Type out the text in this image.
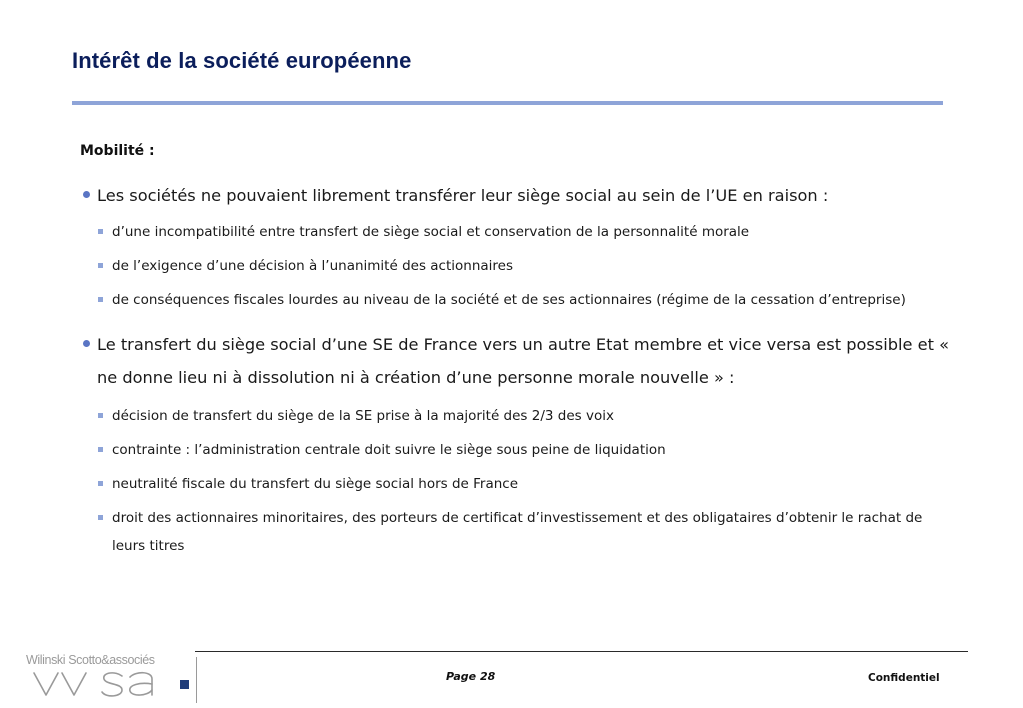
Intérêt de la société européenne
Mobilité :
Les sociétés ne pouvaient librement transférer leur siège social au sein de l’UE en raison :
d’une incompatibilité entre transfert de siège social et conservation de la personnalité morale
de l’exigence d’une décision à l’unanimité des actionnaires
de conséquences fiscales lourdes au niveau de la société et de ses actionnaires (régime de la cessation d’entreprise)
Le transfert du siège social d’une SE de France vers un autre Etat membre et vice versa est possible et « ne donne lieu ni à dissolution ni à création d’une personne morale nouvelle » :
décision de transfert du siège de la SE prise à la majorité des 2/3 des voix
contrainte : l’administration centrale doit suivre le siège sous peine de liquidation
neutralité fiscale du transfert du siège social hors de France
droit des actionnaires minoritaires, des porteurs de certificat d’investissement et des obligataires d’obtenir le rachat de leurs titres
Wilinski Scotto&associés
Page 28	Confidentiel
